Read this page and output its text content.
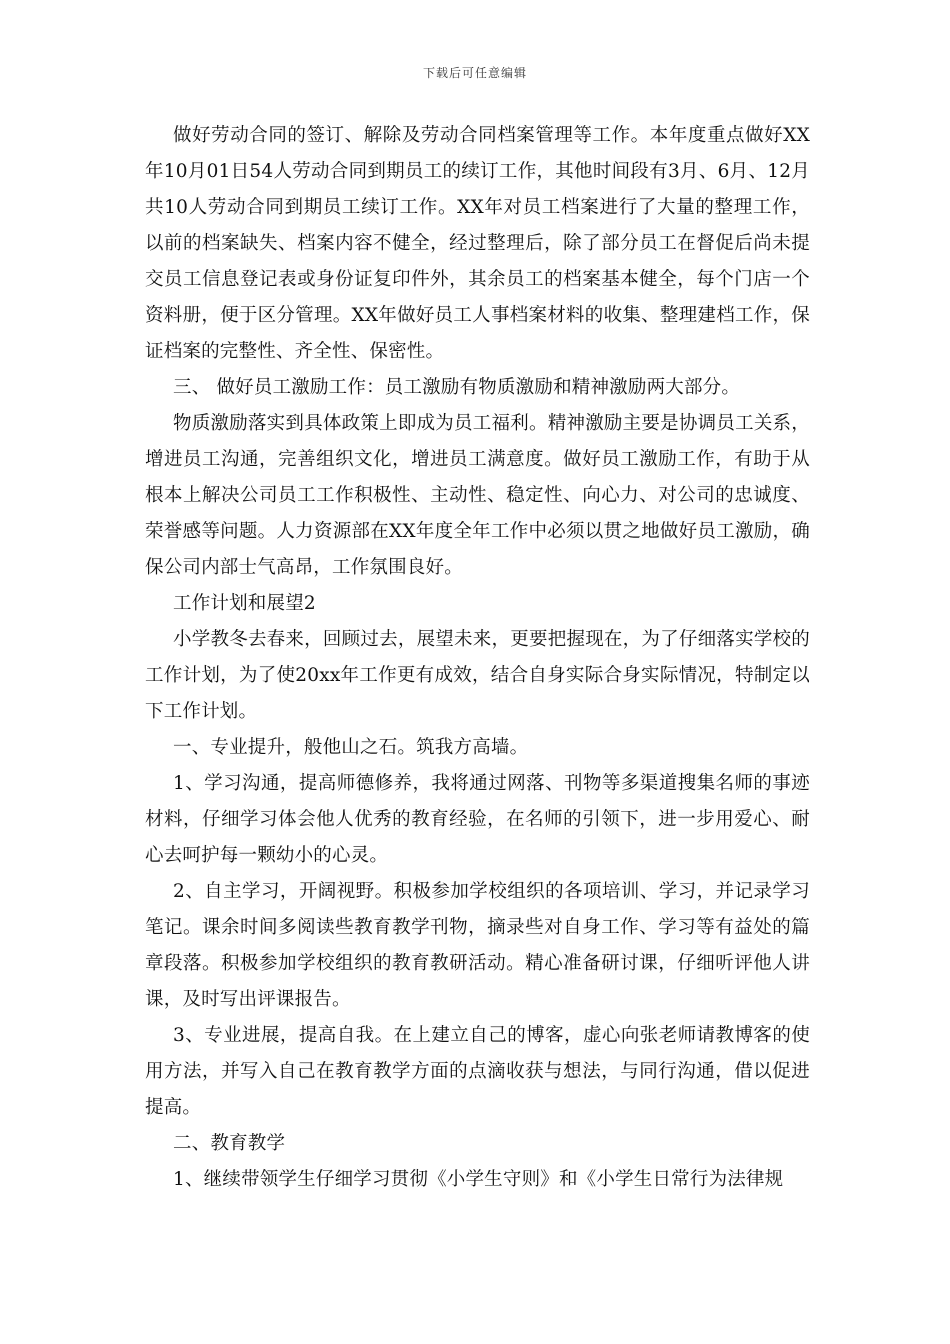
下载后可任意编辑

做好劳动合同的签订、解除及劳动合同档案管理等工作。本年度重点做好XX年10月01日54人劳动合同到期员工的续订工作，其他时间段有3月、6月、12月共10人劳动合同到期员工续订工作。XX年对员工档案进行了大量的整理工作，以前的档案缺失、档案内容不健全，经过整理后，除了部分员工在督促后尚未提交员工信息登记表或身份证复印件外，其余员工的档案基本健全，每个门店一个资料册，便于区分管理。XX年做好员工人事档案材料的收集、整理建档工作，保证档案的完整性、齐全性、保密性。

三、 做好员工激励工作：员工激励有物质激励和精神激励两大部分。

物质激励落实到具体政策上即成为员工福利。精神激励主要是协调员工关系，增进员工沟通，完善组织文化，增进员工满意度。做好员工激励工作，有助于从根本上解决公司员工工作积极性、主动性、稳定性、向心力、对公司的忠诚度、荣誉感等问题。人力资源部在XX年度全年工作中必须以贯之地做好员工激励，确保公司内部士气高昂，工作氛围良好。

工作计划和展望2

小学教冬去春来，回顾过去，展望未来，更要把握现在，为了仔细落实学校的工作计划，为了使20xx年工作更有成效，结合自身实际合身实际情况，特制定以下工作计划。

一、专业提升，般他山之石。筑我方高墙。

1、学习沟通，提高师德修养，我将通过网落、刊物等多渠道搜集名师的事迹材料，仔细学习体会他人优秀的教育经验，在名师的引领下，进一步用爱心、耐心去呵护每一颗幼小的心灵。

2、自主学习，开阔视野。积极参加学校组织的各项培训、学习，并记录学习笔记。课余时间多阅读些教育教学刊物，摘录些对自身工作、学习等有益处的篇章段落。积极参加学校组织的教育教研活动。精心准备研讨课，仔细听评他人讲课，及时写出评课报告。

3、专业进展，提高自我。在上建立自己的博客，虚心向张老师请教博客的使用方法，并写入自己在教育教学方面的点滴收获与想法，与同行沟通，借以促进提高。

二、教育教学

1、继续带领学生仔细学习贯彻《小学生守则》和《小学生日常行为法律规
